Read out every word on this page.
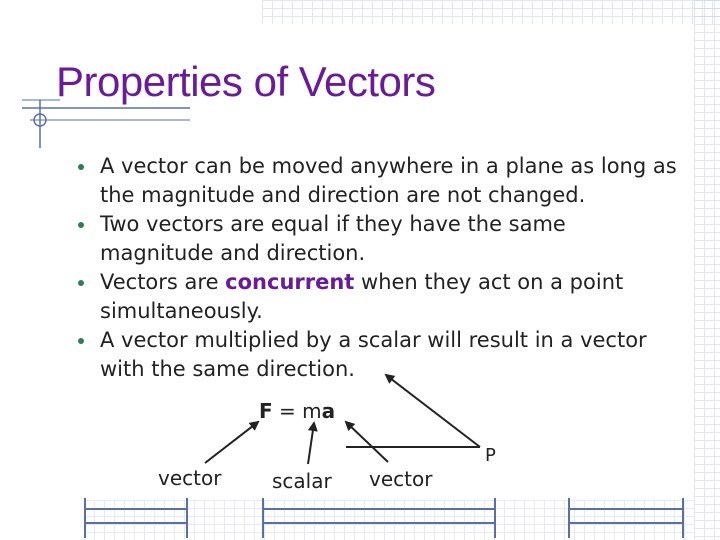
Properties of Vectors
A vector can be moved anywhere in a plane as long as the magnitude and direction are not changed.
Two vectors are equal if they have the same magnitude and direction.
Vectors are concurrent when they act on a point simultaneously.
A vector multiplied by a scalar will result in a vector with the same direction.
F = ma
vector	scalar vector
P
